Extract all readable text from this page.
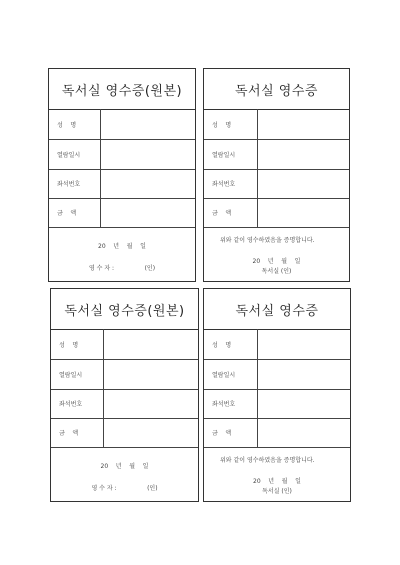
독서실 영수증(원본)
성    명
열람일시
좌석번호
금    액
20    년    월    일
영 수 자 :                (인)
독서실 영수증
성    명
열람일시
좌석번호
금    액
위와 같이 영수하였음을 증명합니다.
20    년    월    일
독서실 (인)
독서실 영수증(원본)
성    명
열람일시
좌석번호
금    액
20    년    월    일
영 수 자 :                (인)
독서실 영수증
성    명
열람일시
좌석번호
금    액
위와 같이 영수하였음을 증명합니다.
20    년    월    일
독서실 (인)
